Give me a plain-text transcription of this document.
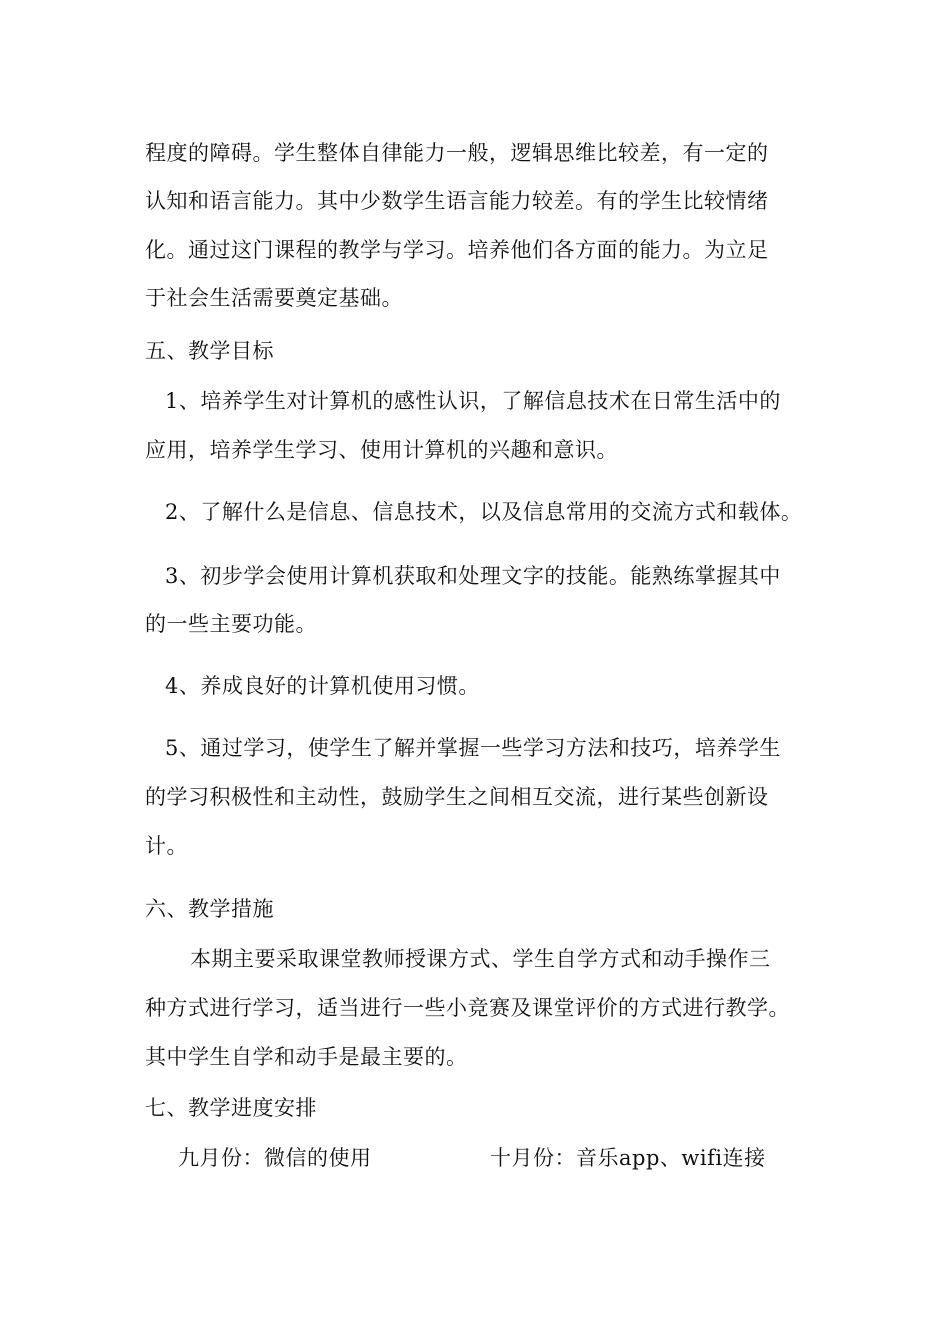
程度的障碍。学生整体自律能力一般，逻辑思维比较差，有一定的
认知和语言能力。其中少数学生语言能力较差。有的学生比较情绪
化。通过这门课程的教学与学习。培养他们各方面的能力。为立足
于社会生活需要奠定基础。
五、教学目标
1、培养学生对计算机的感性认识，了解信息技术在日常生活中的
应用，培养学生学习、使用计算机的兴趣和意识。
2、了解什么是信息、信息技术，以及信息常用的交流方式和载体。
3、初步学会使用计算机获取和处理文字的技能。能熟练掌握其中
的一些主要功能。
4、养成良好的计算机使用习惯。
5、通过学习，使学生了解并掌握一些学习方法和技巧，培养学生
的学习积极性和主动性，鼓励学生之间相互交流，进行某些创新设
计。
六、教学措施
本期主要采取课堂教师授课方式、学生自学方式和动手操作三
种方式进行学习，适当进行一些小竞赛及课堂评价的方式进行教学。
其中学生自学和动手是最主要的。
七、教学进度安排
九月份：微信的使用	十月份：音乐app、wifi连接
